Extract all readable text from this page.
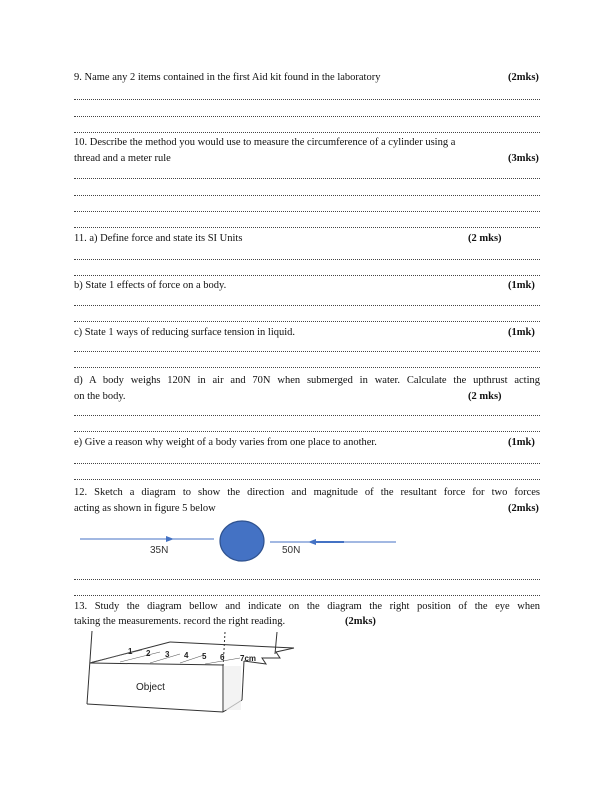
9. Name any 2 items contained in the first Aid kit found in the laboratory	(2mks)
10. Describe the method you would use to measure the circumference of a cylinder using a
thread and a meter rule	(3mks)
11. a) Define force and state its SI Units	(2 mks)
b) State 1 effects of force on a body.	(1mk)
c) State 1 ways of reducing surface tension in liquid.	(1mk)
d) A body weighs 120N in air and 70N when submerged in water. Calculate the upthrust acting
on the body.	(2 mks)
e) Give a reason why weight of a body varies from one place to another.	(1mk)
12. Sketch a diagram to show the direction and magnitude of the resultant force for two forces
acting as shown in figure 5 below	(2mks)
35N	50N
13. Study the diagram bellow and indicate on the diagram the right position of the eye when
taking the measurements. record the right reading.	(2mks)
1 2 3 4 5 6 7cm
Object
